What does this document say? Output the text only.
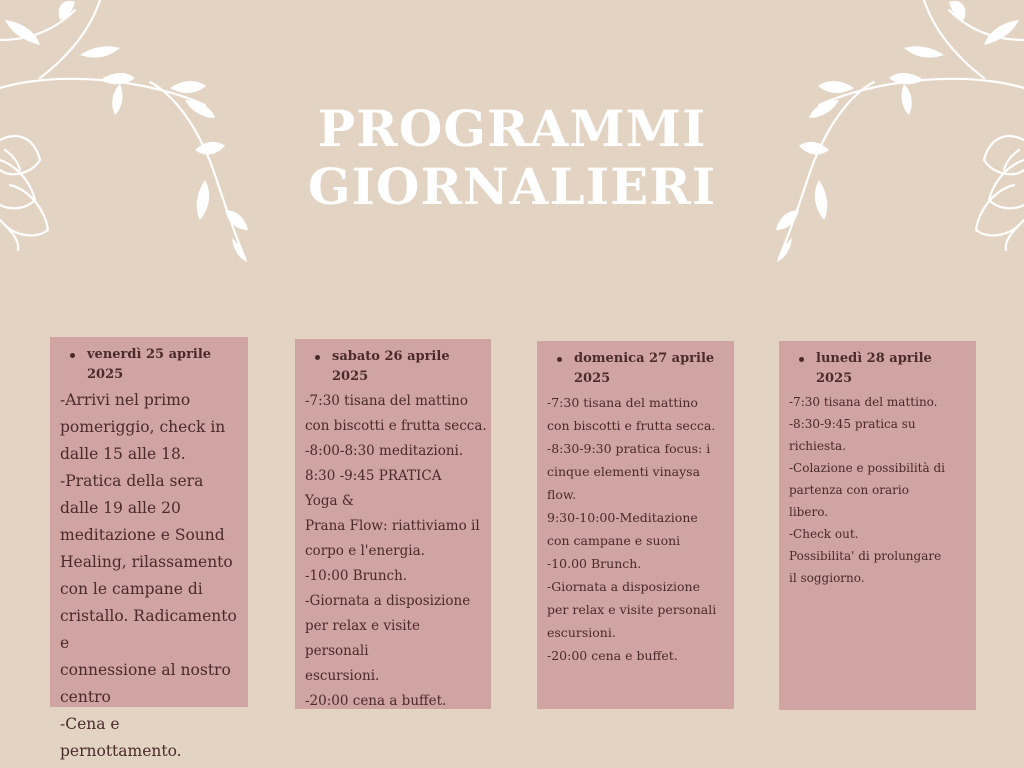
PROGRAMMI
GIORNALIERI
venerdì 25 aprile 2025
-Arrivi nel primo
pomeriggio, check in
dalle 15 alle 18.
-Pratica della sera
dalle 19 alle 20
meditazione e Sound
Healing, rilassamento
con le campane di
cristallo. Radicamento e
connessione al nostro
centro
-Cena e pernottamento.
sabato 26 aprile 2025
-7:30 tisana del mattino
con biscotti e frutta secca.
-8:00-8:30 meditazioni.
8:30 -9:45 PRATICA
Yoga &
Prana Flow: riattiviamo il
corpo e l'energia.
-10:00 Brunch.
-Giornata a disposizione
per relax e visite personali
escursioni.
-20:00 cena a buffet.
domenica 27 aprile 2025
-7:30 tisana del mattino
con biscotti e frutta secca.
-8:30-9:30 pratica focus: i
cinque elementi vinaysa
flow.
9:30-10:00-Meditazione
con campane e suoni
-10.00 Brunch.
-Giornata a disposizione
per relax e visite personali
escursioni.
-20:00 cena e buffet.
lunedì 28 aprile 2025
-7:30 tisana del mattino.
-8:30-9:45 pratica su
richiesta.
-Colazione e possibilità di
partenza con orario
libero.
-Check out.
Possibilita' di prolungare
il soggiorno.
